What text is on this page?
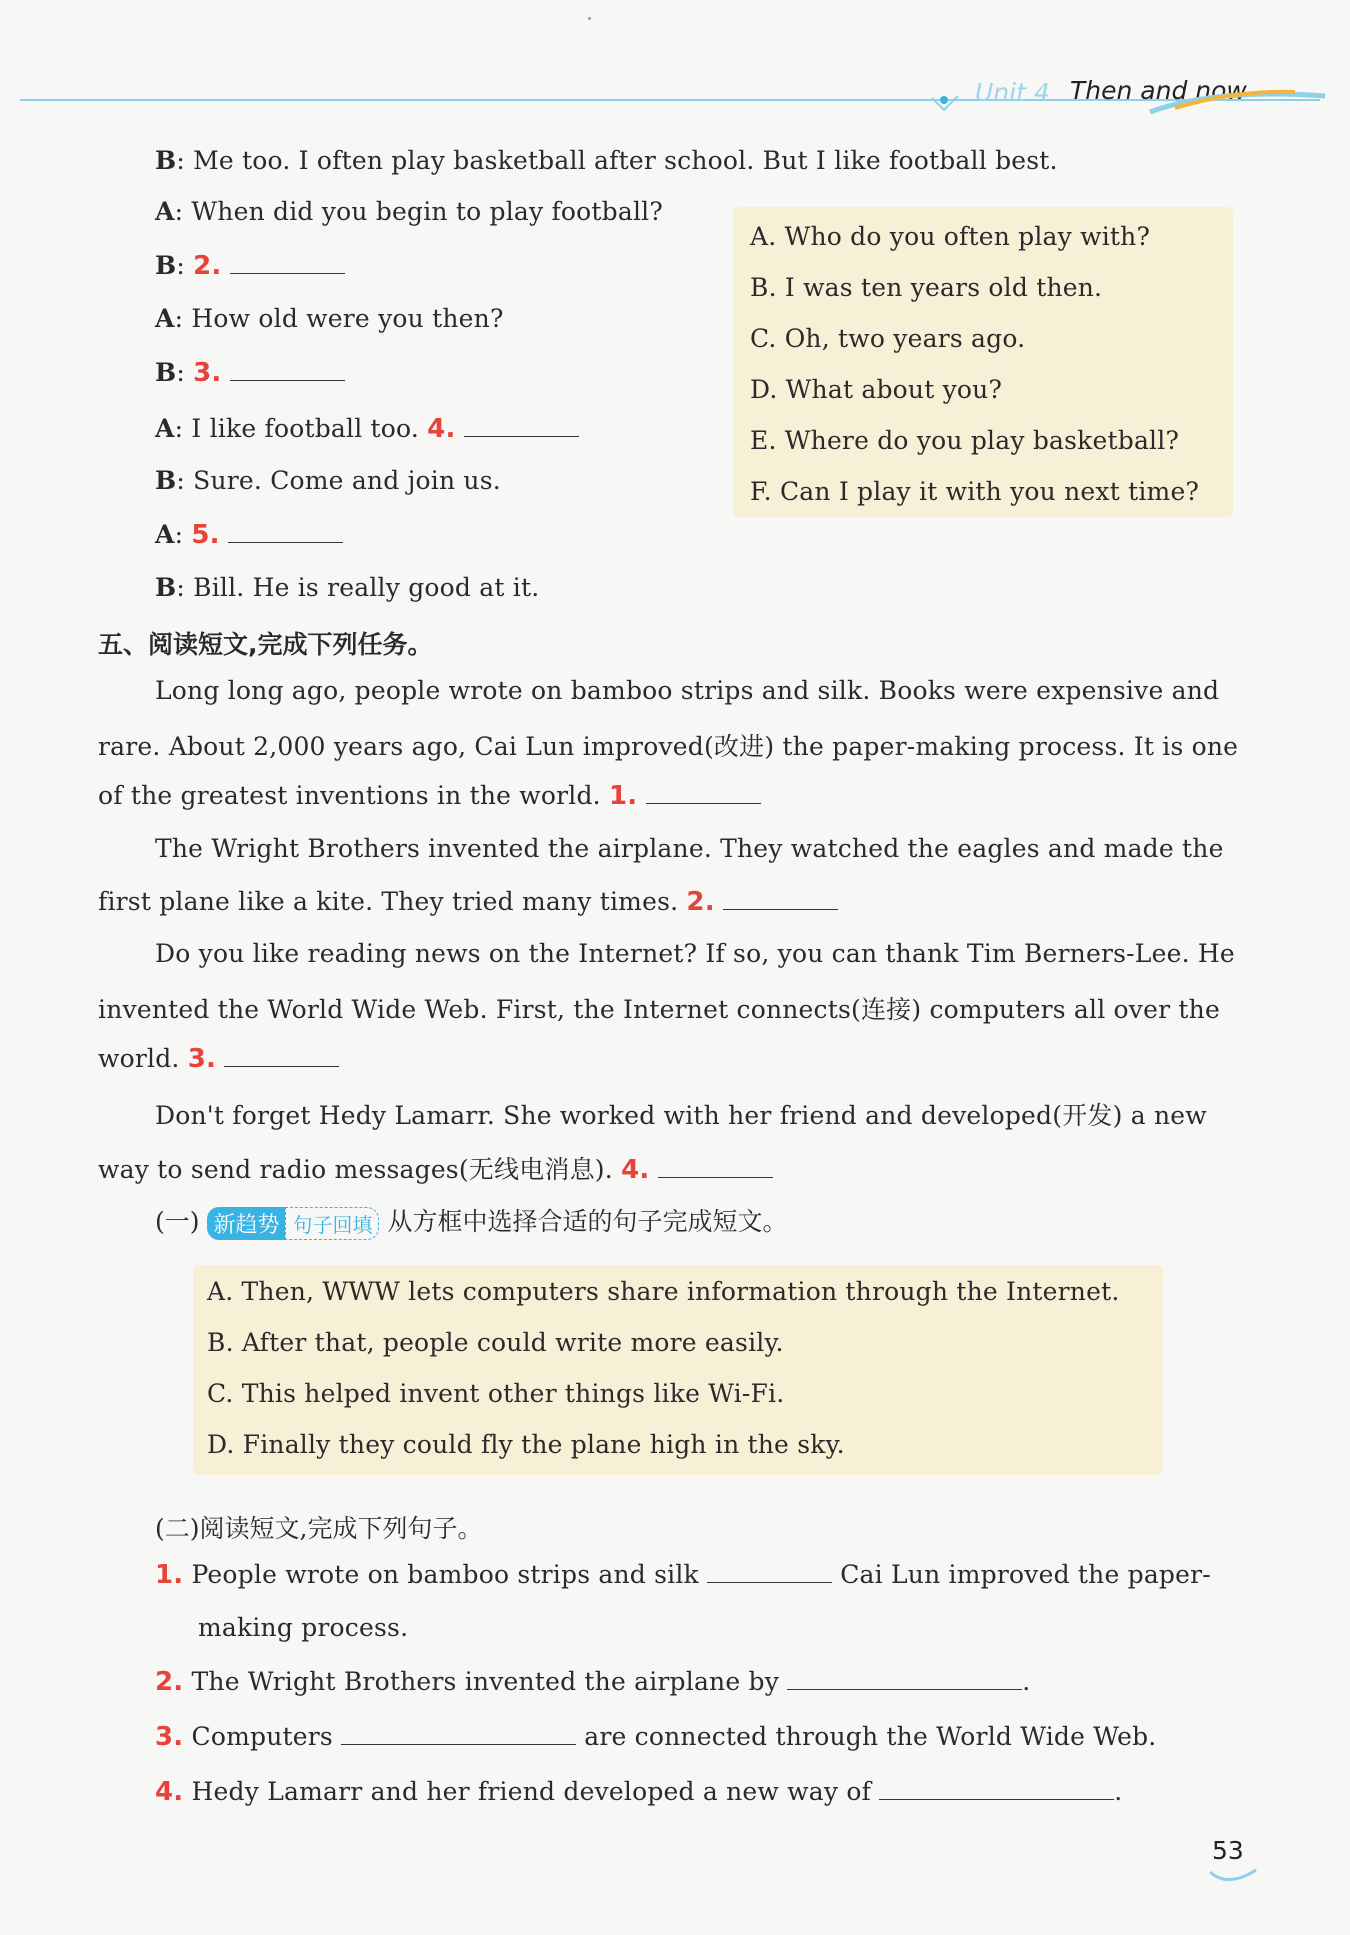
Unit 4 Then and now
B: Me too. I often play basketball after school. But I like football best.
A: When did you begin to play football?
B: 2.
A: How old were you then?
B: 3.
A: I like football too. 4.
B: Sure. Come and join us.
A: 5.
B: Bill. He is really good at it.
A. Who do you often play with?
B. I was ten years old then.
C. Oh, two years ago.
D. What about you?
E. Where do you play basketball?
F. Can I play it with you next time?
五、阅读短文,完成下列任务。
Long long ago, people wrote on bamboo strips and silk. Books were expensive and
rare. About 2,000 years ago, Cai Lun improved(改进) the paper-making process. It is one
of the greatest inventions in the world. 1.
The Wright Brothers invented the airplane. They watched the eagles and made the
first plane like a kite. They tried many times. 2.
Do you like reading news on the Internet? If so, you can thank Tim Berners-Lee. He
invented the World Wide Web. First, the Internet connects(连接) computers all over the
world. 3.
Don't forget Hedy Lamarr. She worked with her friend and developed(开发) a new
way to send radio messages(无线电消息). 4.
(一) 新趋势 句子回填 从方框中选择合适的句子完成短文。
A. Then, WWW lets computers share information through the Internet.
B. After that, people could write more easily.
C. This helped invent other things like Wi-Fi.
D. Finally they could fly the plane high in the sky.
(二)阅读短文,完成下列句子。
1. People wrote on bamboo strips and silk	Cai Lun improved the paper-
making process.
2. The Wright Brothers invented the airplane by	.
3. Computers	are connected through the World Wide Web.
4. Hedy Lamarr and her friend developed a new way of	.
53
